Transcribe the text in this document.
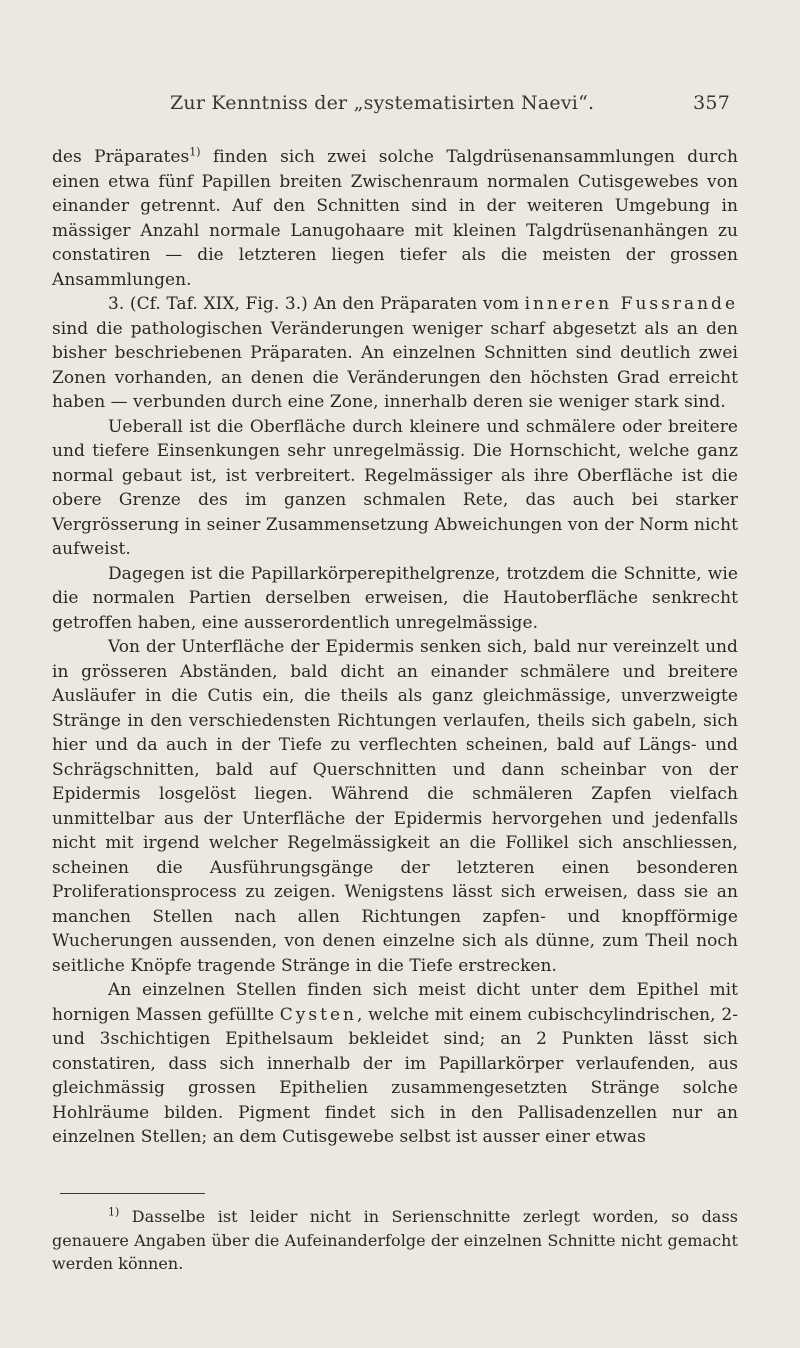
Zur Kenntniss der „systematisirten Naevi“.	357

des Präparates$^{1)}$ finden sich zwei solche Talgdrüsenansammlungen durch einen etwa fünf Papillen breiten Zwischenraum normalen Cutisgewebes von einander getrennt. Auf den Schnitten sind in der weiteren Umgebung in mässiger Anzahl normale Lanugohaare mit kleinen Talgdrüsenanhängen zu constatiren — die letzteren liegen tiefer als die meisten der grossen Ansammlungen.

3. (Cf. Taf. XIX, Fig. 3.) An den Präparaten vom inneren Fussrande sind die pathologischen Veränderungen weniger scharf abgesetzt als an den bisher beschriebenen Präparaten. An einzelnen Schnitten sind deutlich zwei Zonen vorhanden, an denen die Veränderungen den höchsten Grad erreicht haben — verbunden durch eine Zone, innerhalb deren sie weniger stark sind.

Ueberall ist die Oberfläche durch kleinere und schmälere oder breitere und tiefere Einsenkungen sehr unregelmässig. Die Hornschicht, welche ganz normal gebaut ist, ist verbreitert. Regelmässiger als ihre Oberfläche ist die obere Grenze des im ganzen schmalen Rete, das auch bei starker Vergrösserung in seiner Zusammensetzung Abweichungen von der Norm nicht aufweist.

Dagegen ist die Papillarkörperepithelgrenze, trotzdem die Schnitte, wie die normalen Partien derselben erweisen, die Hautoberfläche senkrecht getroffen haben, eine ausserordentlich unregelmässige.

Von der Unterfläche der Epidermis senken sich, bald nur vereinzelt und in grösseren Abständen, bald dicht an einander schmälere und breitere Ausläufer in die Cutis ein, die theils als ganz gleichmässige, unverzweigte Stränge in den verschiedensten Richtungen verlaufen, theils sich gabeln, sich hier und da auch in der Tiefe zu verflechten scheinen, bald auf Längs- und Schrägschnitten, bald auf Querschnitten und dann scheinbar von der Epidermis losgelöst liegen. Während die schmäleren Zapfen vielfach unmittelbar aus der Unterfläche der Epidermis hervorgehen und jedenfalls nicht mit irgend welcher Regelmässigkeit an die Follikel sich anschliessen, scheinen die Ausführungsgänge der letzteren einen besonderen Proliferationsprocess zu zeigen. Wenigstens lässt sich erweisen, dass sie an manchen Stellen nach allen Richtungen zapfen- und knopfförmige Wucherungen aussenden, von denen einzelne sich als dünne, zum Theil noch seitliche Knöpfe tragende Stränge in die Tiefe erstrecken.

An einzelnen Stellen finden sich meist dicht unter dem Epithel mit hornigen Massen gefüllte Cysten, welche mit einem cubischcylindrischen, 2- und 3schichtigen Epithelsaum bekleidet sind; an 2 Punkten lässt sich constatiren, dass sich innerhalb der im Papillarkörper verlaufenden, aus gleichmässig grossen Epithelien zusammengesetzten Stränge solche Hohlräume bilden. Pigment findet sich in den Pallisadenzellen nur an einzelnen Stellen; an dem Cutisgewebe selbst ist ausser einer etwas

$^{1)}$ Dasselbe ist leider nicht in Serienschnitte zerlegt worden, so dass genauere Angaben über die Aufeinanderfolge der einzelnen Schnitte nicht gemacht werden können.
